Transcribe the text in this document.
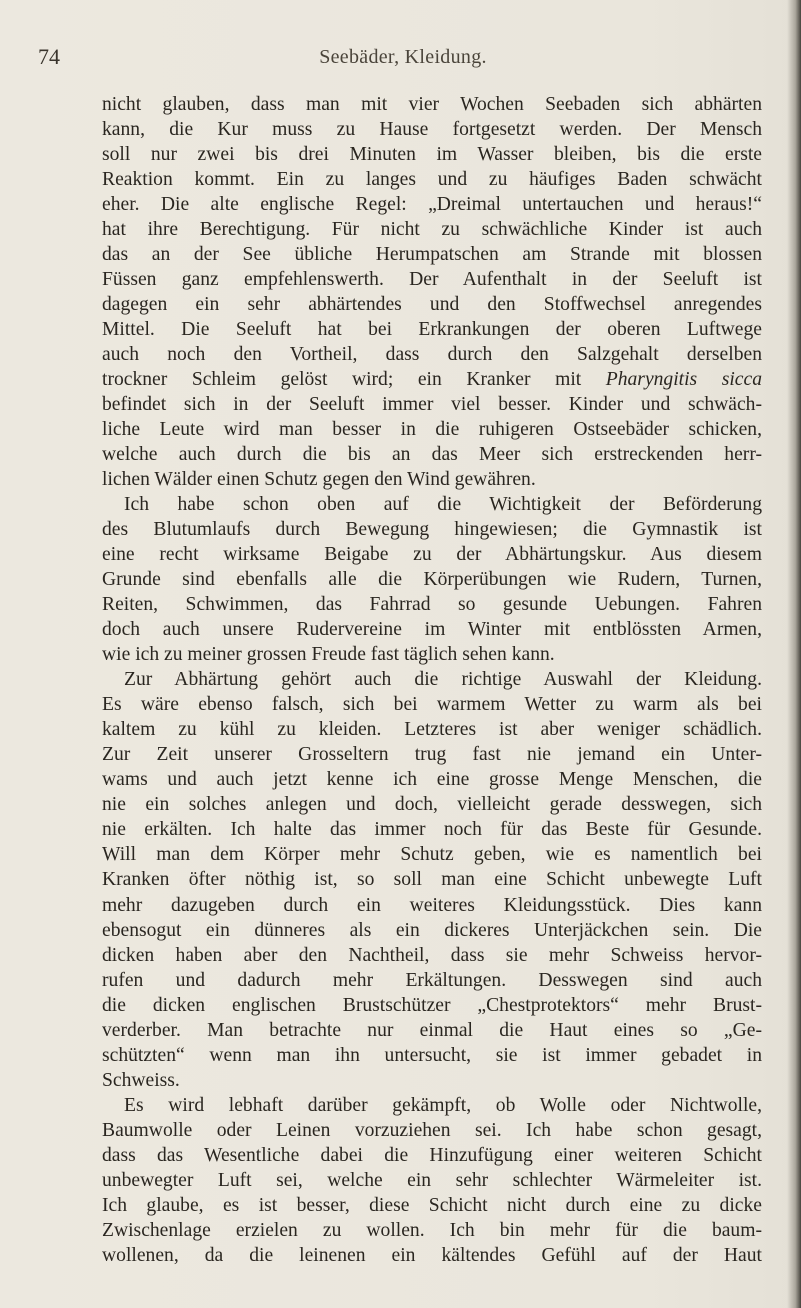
74	Seebäder, Kleidung.
nicht glauben, dass man mit vier Wochen Seebaden sich abhärten
kann, die Kur muss zu Hause fortgesetzt werden. Der Mensch
soll nur zwei bis drei Minuten im Wasser bleiben, bis die erste
Reaktion kommt. Ein zu langes und zu häufiges Baden schwächt
eher. Die alte englische Regel: „Dreimal untertauchen und heraus!“
hat ihre Berechtigung. Für nicht zu schwächliche Kinder ist auch
das an der See übliche Herumpatschen am Strande mit blossen
Füssen ganz empfehlenswerth. Der Aufenthalt in der Seeluft ist
dagegen ein sehr abhärtendes und den Stoffwechsel anregendes
Mittel. Die Seeluft hat bei Erkrankungen der oberen Luftwege
auch noch den Vortheil, dass durch den Salzgehalt derselben
trockner Schleim gelöst wird; ein Kranker mit Pharyngitis sicca
befindet sich in der Seeluft immer viel besser. Kinder und schwäch-
liche Leute wird man besser in die ruhigeren Ostseebäder schicken,
welche auch durch die bis an das Meer sich erstreckenden herr-
lichen Wälder einen Schutz gegen den Wind gewähren.
Ich habe schon oben auf die Wichtigkeit der Beförderung
des Blutumlaufs durch Bewegung hingewiesen; die Gymnastik ist
eine recht wirksame Beigabe zu der Abhärtungskur. Aus diesem
Grunde sind ebenfalls alle die Körperübungen wie Rudern, Turnen,
Reiten, Schwimmen, das Fahrrad so gesunde Uebungen. Fahren
doch auch unsere Rudervereine im Winter mit entblössten Armen,
wie ich zu meiner grossen Freude fast täglich sehen kann.
Zur Abhärtung gehört auch die richtige Auswahl der Kleidung.
Es wäre ebenso falsch, sich bei warmem Wetter zu warm als bei
kaltem zu kühl zu kleiden. Letzteres ist aber weniger schädlich.
Zur Zeit unserer Grosseltern trug fast nie jemand ein Unter-
wams und auch jetzt kenne ich eine grosse Menge Menschen, die
nie ein solches anlegen und doch, vielleicht gerade desswegen, sich
nie erkälten. Ich halte das immer noch für das Beste für Gesunde.
Will man dem Körper mehr Schutz geben, wie es namentlich bei
Kranken öfter nöthig ist, so soll man eine Schicht unbewegte Luft
mehr dazugeben durch ein weiteres Kleidungsstück. Dies kann
ebensogut ein dünneres als ein dickeres Unterjäckchen sein. Die
dicken haben aber den Nachtheil, dass sie mehr Schweiss hervor-
rufen und dadurch mehr Erkältungen. Desswegen sind auch
die dicken englischen Brustschützer „Chestprotektors“ mehr Brust-
verderber. Man betrachte nur einmal die Haut eines so „Ge-
schützten“ wenn man ihn untersucht, sie ist immer gebadet in
Schweiss.
Es wird lebhaft darüber gekämpft, ob Wolle oder Nichtwolle,
Baumwolle oder Leinen vorzuziehen sei. Ich habe schon gesagt,
dass das Wesentliche dabei die Hinzufügung einer weiteren Schicht
unbewegter Luft sei, welche ein sehr schlechter Wärmeleiter ist.
Ich glaube, es ist besser, diese Schicht nicht durch eine zu dicke
Zwischenlage erzielen zu wollen. Ich bin mehr für die baum-
wollenen, da die leinenen ein kältendes Gefühl auf der Haut
